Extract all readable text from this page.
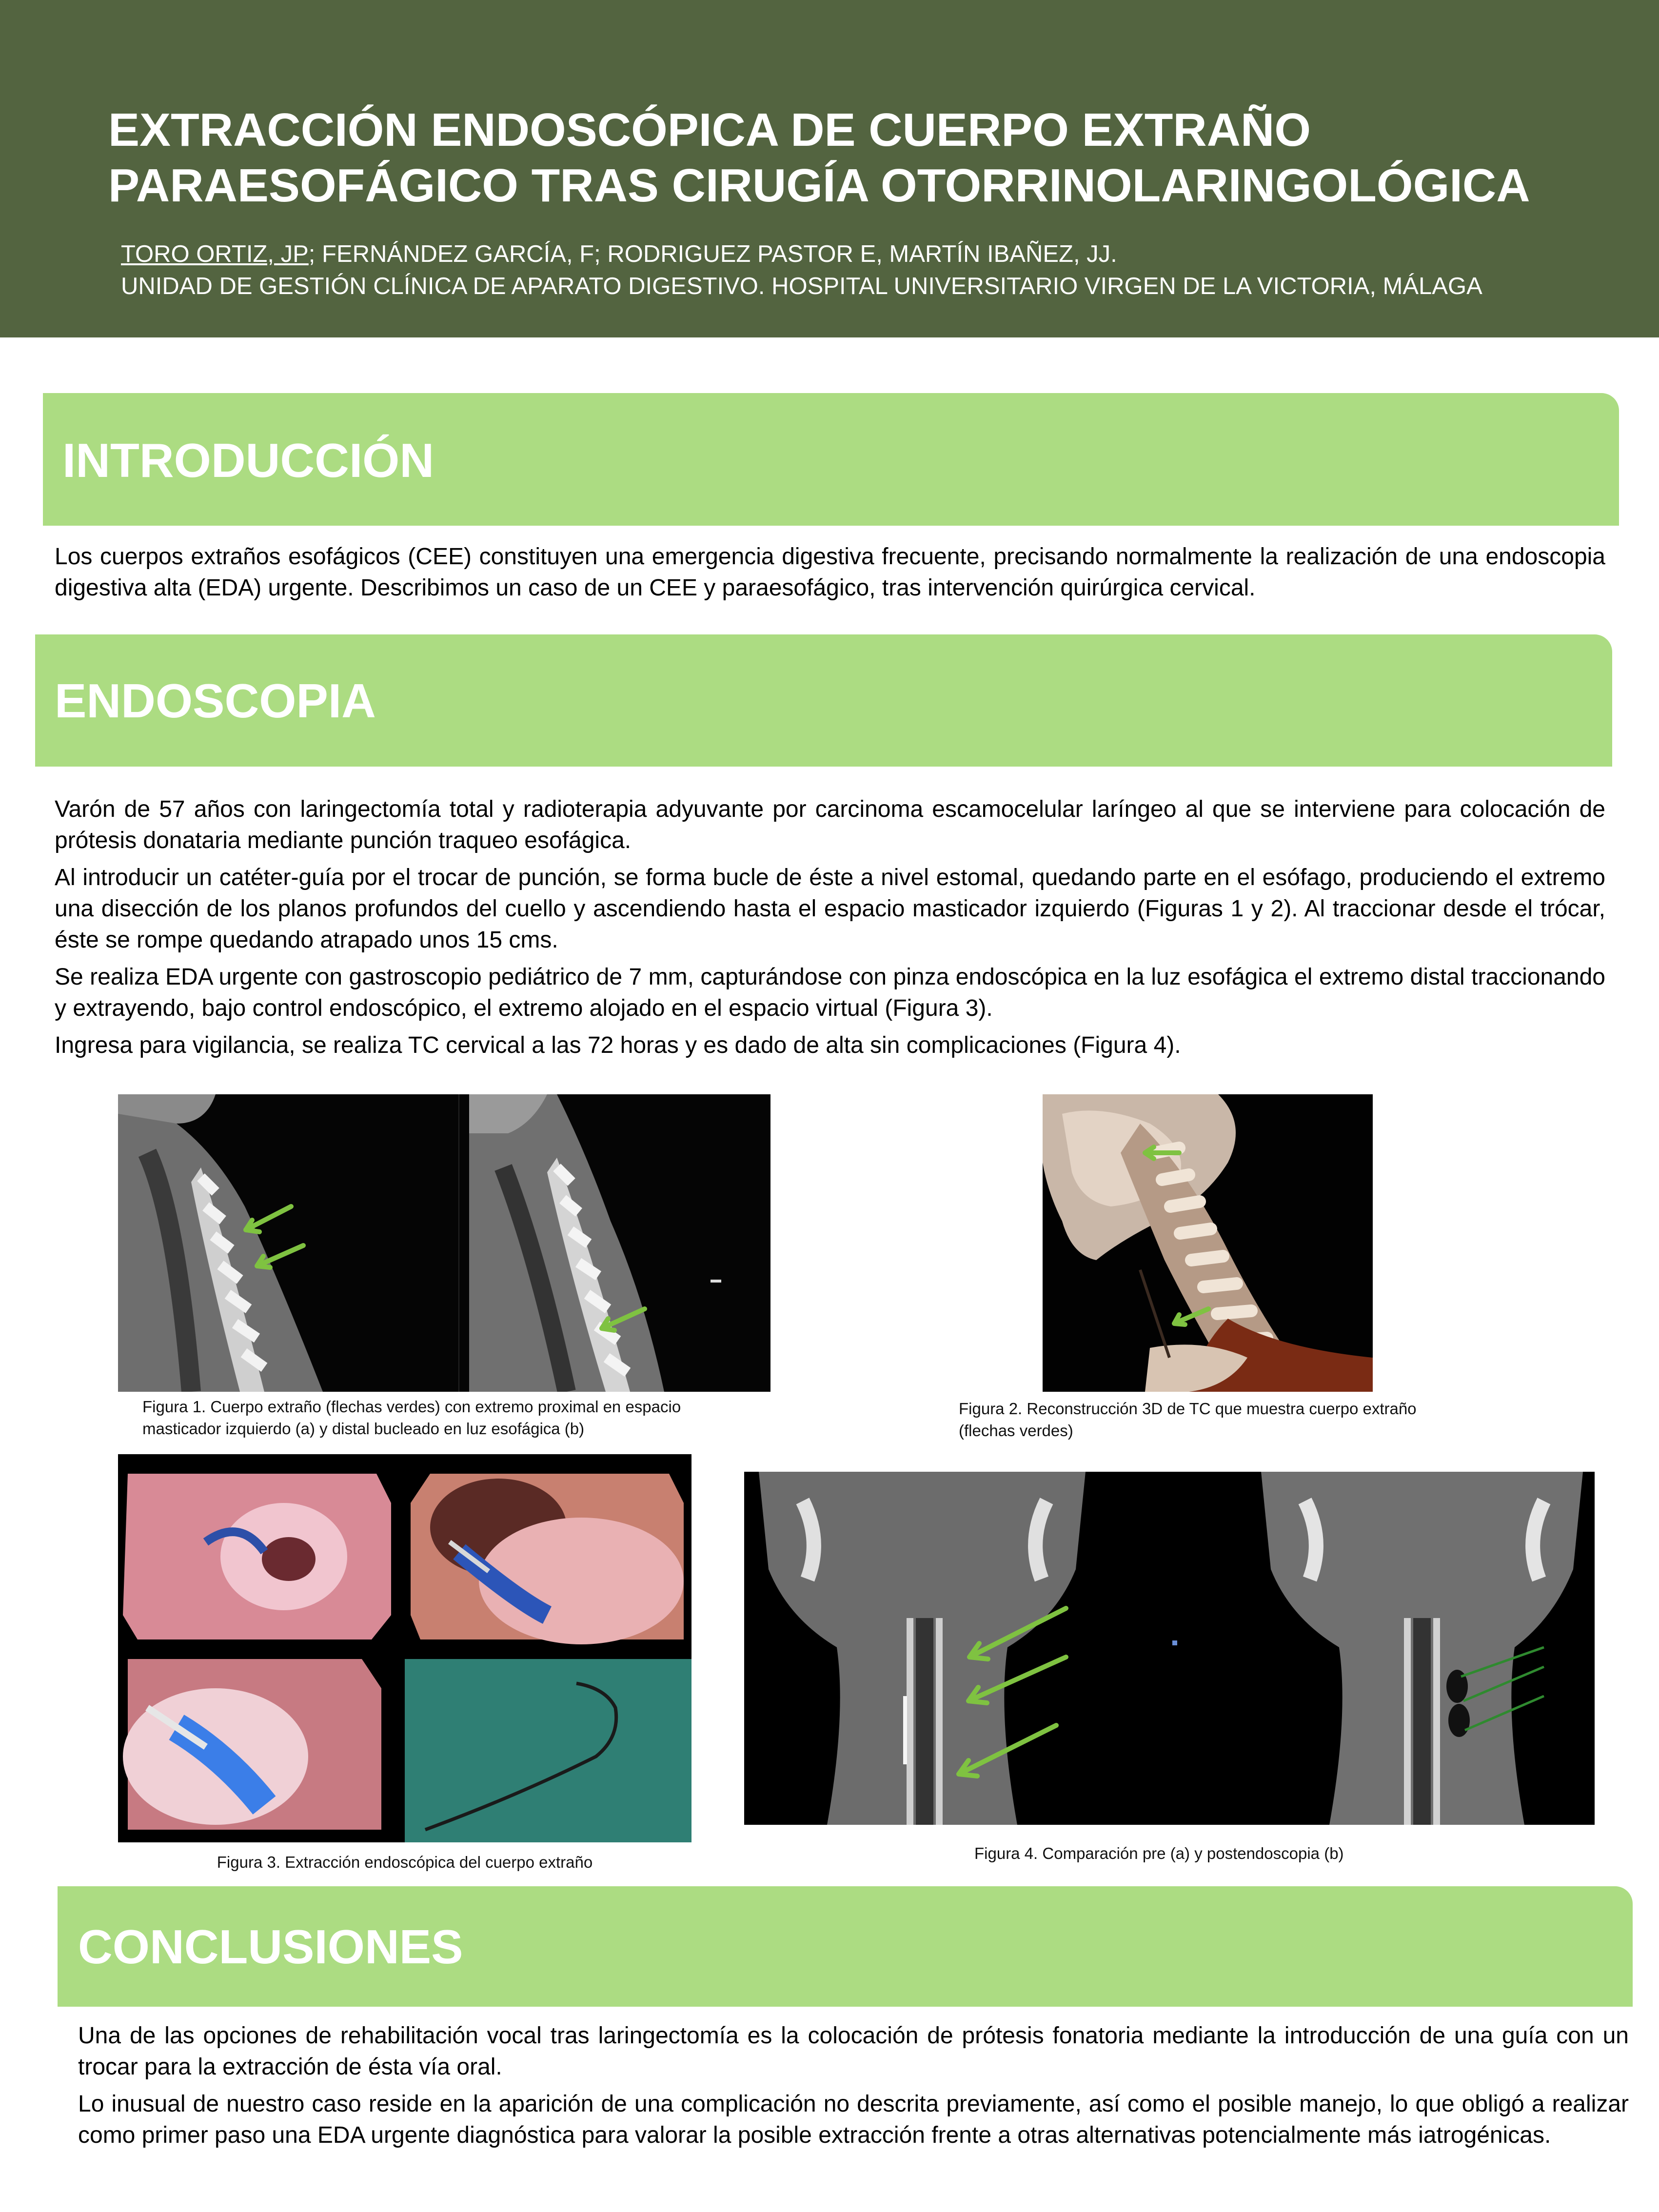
EXTRACCIÓN ENDOSCÓPICA DE CUERPO EXTRAÑO
PARAESOFÁGICO TRAS CIRUGÍA OTORRINOLARINGOLÓGICA
TORO ORTIZ, JP; FERNÁNDEZ GARCÍA, F; RODRIGUEZ PASTOR E, MARTÍN IBAÑEZ, JJ.
UNIDAD DE GESTIÓN CLÍNICA DE APARATO DIGESTIVO. HOSPITAL UNIVERSITARIO VIRGEN DE LA VICTORIA, MÁLAGA
INTRODUCCIÓN

Los cuerpos extraños esofágicos (CEE) constituyen una emergencia digestiva frecuente, precisando normalmente la realización de una endoscopia digestiva alta (EDA) urgente. Describimos un caso de un CEE y paraesofágico, tras intervención quirúrgica cervical.

ENDOSCOPIA

Varón de 57 años con laringectomía total y radioterapia adyuvante por carcinoma escamocelular laríngeo al que se interviene para colocación de prótesis donataria mediante punción traqueo esofágica.

Al introducir un catéter-guía por el trocar de punción, se forma bucle de éste a nivel estomal, quedando parte en el esófago, produciendo el extremo una disección de los planos profundos del cuello y ascendiendo hasta el espacio masticador izquierdo (Figuras 1 y 2). Al traccionar desde el trócar, éste se rompe quedando atrapado unos 15 cms.

Se realiza EDA urgente con gastroscopio pediátrico de 7 mm, capturándose con pinza endoscópica en la luz esofágica el extremo distal traccionando y extrayendo, bajo control endoscópico, el extremo alojado en el espacio virtual (Figura 3).

Ingresa para vigilancia, se realiza TC cervical a las 72 horas y es dado de alta sin complicaciones (Figura 4).

Figura 1. Cuerpo extraño (flechas verdes) con extremo proximal en espacio masticador izquierdo (a) y distal bucleado en luz esofágica (b)
Figura 2. Reconstrucción 3D de TC que muestra cuerpo extraño (flechas verdes)
Figura 3. Extracción endoscópica del cuerpo extraño	Figura 4. Comparación pre (a) y postendoscopia (b)
CONCLUSIONES

Una de las opciones de rehabilitación vocal tras laringectomía es la colocación de prótesis fonatoria mediante la introducción de una guía con un trocar para la extracción de ésta vía oral.

Lo inusual de nuestro caso reside en la aparición de una complicación no descrita previamente, así como el posible manejo, lo que obligó a realizar como primer paso una EDA urgente diagnóstica para valorar la posible extracción frente a otras alternativas potencialmente más iatrogénicas.
